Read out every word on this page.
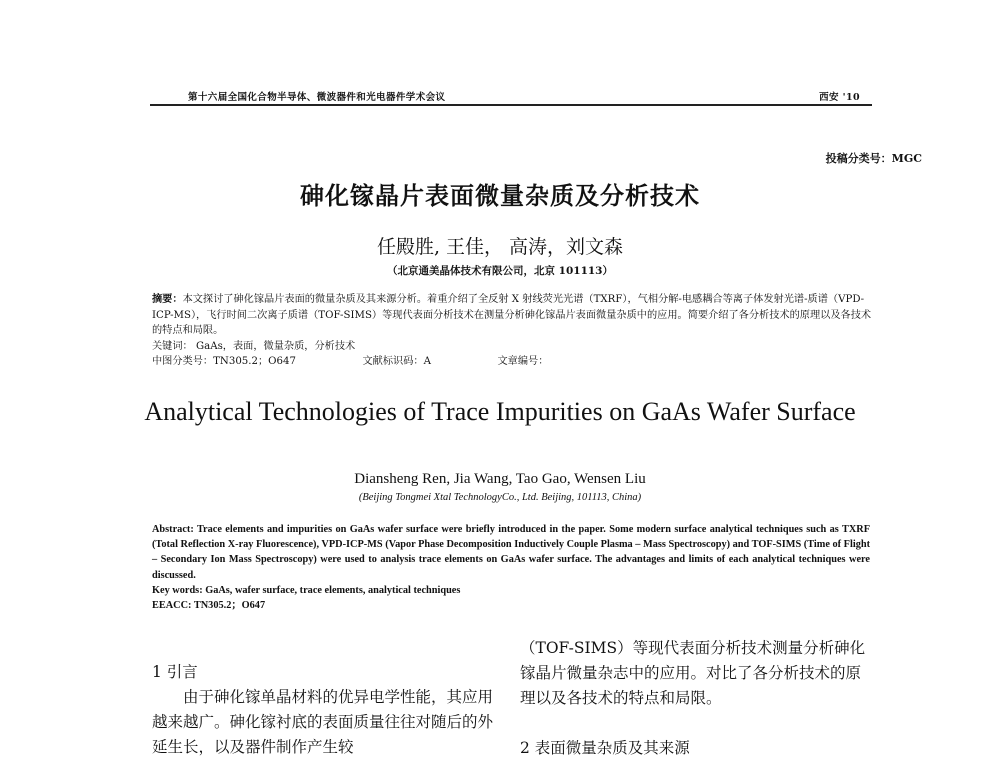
第十六届全国化合物半导体、微波器件和光电器件学术会议	西安 '10
投稿分类号：MGC
砷化镓晶片表面微量杂质及分析技术
任殿胜, 王佳， 高涛，刘文森
（北京通美晶体技术有限公司，北京 101113）
摘要：本文探讨了砷化镓晶片表面的微量杂质及其来源分析。着重介绍了全反射 X 射线荧光光谱（TXRF），气相分解-电感耦合等离子体发射光谱-质谱（VPD-ICP-MS），飞行时间二次离子质谱（TOF-SIMS）等现代表面分析技术在测量分析砷化镓晶片表面微量杂质中的应用。简要介绍了各分析技术的原理以及各技术的特点和局限。
关键词： GaAs，表面，微量杂质，分析技术
中图分类号：TN305.2；O647	文献标识码：A	文章编号：
Analytical Technologies of Trace Impurities on GaAs Wafer Surface
Diansheng Ren, Jia Wang, Tao Gao, Wensen Liu
(Beijing Tongmei Xtal TechnologyCo., Ltd. Beijing, 101113, China)
Abstract: Trace elements and impurities on GaAs wafer surface were briefly introduced in the paper. Some modern surface analytical techniques such as TXRF (Total Reflection X-ray Fluorescence), VPD-ICP-MS (Vapor Phase Decomposition Inductively Couple Plasma – Mass Spectroscopy) and TOF-SIMS (Time of Flight – Secondary Ion Mass Spectroscopy) were used to analysis trace elements on GaAs wafer surface. The advantages and limits of each analytical techniques were discussed.
Key words: GaAs, wafer surface, trace elements, analytical techniques
EEACC: TN305.2；O647
1 引言
由于砷化镓单晶材料的优异电学性能，其应用越来越广。砷化镓衬底的表面质量往往对随后的外延生长，以及器件制作产生较
（TOF-SIMS）等现代表面分析技术测量分析砷化镓晶片微量杂志中的应用。对比了各分析技术的原理以及各技术的特点和局限。
2 表面微量杂质及其来源
